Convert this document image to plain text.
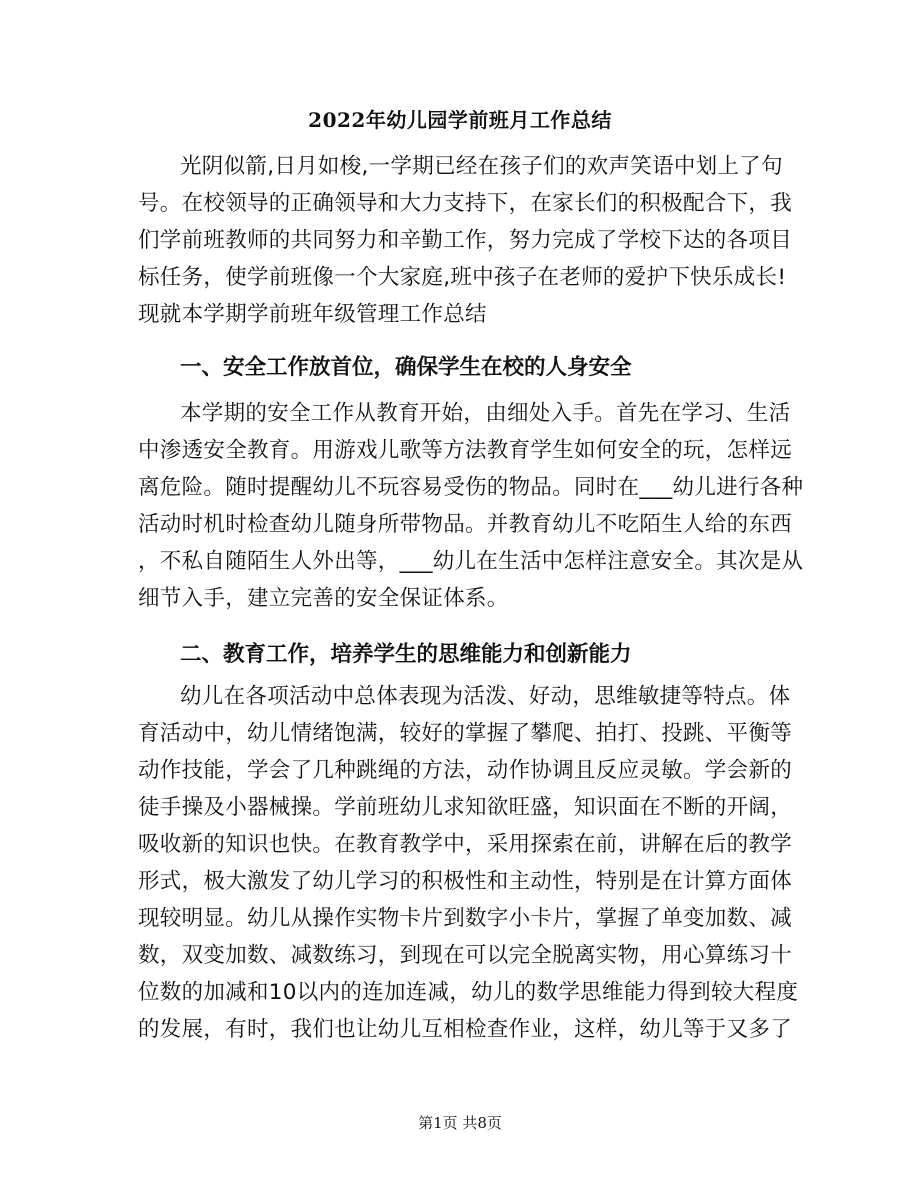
2022年幼儿园学前班月工作总结
光阴似箭,日月如梭,一学期已经在孩子们的欢声笑语中划上了句
号。在校领导的正确领导和大力支持下，在家长们的积极配合下，我
们学前班教师的共同努力和辛勤工作，努力完成了学校下达的各项目
标任务，使学前班像一个大家庭,班中孩子在老师的爱护下快乐成长!
现就本学期学前班年级管理工作总结
一、安全工作放首位，确保学生在校的人身安全
本学期的安全工作从教育开始，由细处入手。首先在学习、生活
中渗透安全教育。用游戏儿歌等方法教育学生如何安全的玩，怎样远
离危险。随时提醒幼儿不玩容易受伤的物品。同时在___幼儿进行各种
活动时机时检查幼儿随身所带物品。并教育幼儿不吃陌生人给的东西
，不私自随陌生人外出等，___幼儿在生活中怎样注意安全。其次是从
细节入手，建立完善的安全保证体系。
二、教育工作，培养学生的思维能力和创新能力
幼儿在各项活动中总体表现为活泼、好动，思维敏捷等特点。体
育活动中，幼儿情绪饱满，较好的掌握了攀爬、拍打、投跳、平衡等
动作技能，学会了几种跳绳的方法，动作协调且反应灵敏。学会新的
徒手操及小器械操。学前班幼儿求知欲旺盛，知识面在不断的开阔，
吸收新的知识也快。在教育教学中，采用探索在前，讲解在后的教学
形式，极大激发了幼儿学习的积极性和主动性，特别是在计算方面体
现较明显。幼儿从操作实物卡片到数字小卡片，掌握了单变加数、减
数，双变加数、减数练习，到现在可以完全脱离实物，用心算练习十
位数的加减和10以内的连加连减，幼儿的数学思维能力得到较大程度
的发展，有时，我们也让幼儿互相检查作业，这样，幼儿等于又多了
第1页 共8页
